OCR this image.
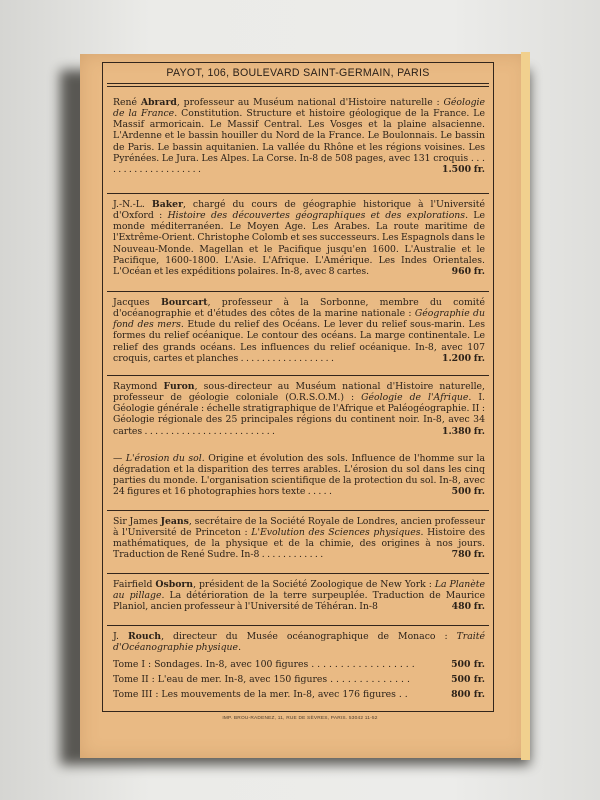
PAYOT, 106, BOULEVARD SAINT-GERMAIN, PARIS
René Abrard, professeur au Muséum national d'Histoire naturelle : Géologie de la France. Constitution. Structure et histoire géologique de la France. Le Massif armoricain. Le Massif Central. Les Vosges et la plaine alsacienne. L'Ardenne et le bassin houiller du Nord de la France. Le Boulonnais. Le bassin de Paris. Le bassin aquitanien. La vallée du Rhône et les régions voisines. Les Pyrénées. Le Jura. Les Alpes. La Corse. In-8 de 508 pages, avec 131 croquis . . . . . . . . . . . . . . . . . . . .	1.500 fr.
J.-N.-L. Baker, chargé du cours de géographie historique à l'Université d'Oxford : Histoire des découvertes géographiques et des explorations. Le monde méditerranéen. Le Moyen Age. Les Arabes. La route maritime de l'Extrême-Orient. Christophe Colomb et ses successeurs. Les Espagnols dans le Nouveau-Monde. Magellan et le Pacifique jusqu'en 1600. L'Australie et le Pacifique, 1600-1800. L'Asie. L'Afrique. L'Amérique. Les Indes Orientales. L'Océan et les expéditions polaires. In-8, avec 8 cartes.	960 fr.
Jacques Bourcart, professeur à la Sorbonne, membre du comité d'océanographie et d'études des côtes de la marine nationale : Géographie du fond des mers. Etude du relief des Océans. Le lever du relief sous-marin. Les formes du relief océanique. Le contour des océans. La marge continentale. Le relief des grands océans. Les influences du relief océanique. In-8, avec 107 croquis, cartes et planches . . . . . . . . . . . . . . . . . .	1.200 fr.
Raymond Furon, sous-directeur au Muséum national d'Histoire naturelle, professeur de géologie coloniale (O.R.S.O.M.) : Géologie de l'Afrique. I. Géologie générale : échelle stratigraphique de l'Afrique et Paléogéographie. II : Géologie régionale des 25 principales régions du continent noir. In-8, avec 34 cartes . . . . . . . . . . . . . . . . . . . . . . . . .	1.380 fr.
— L'érosion du sol. Origine et évolution des sols. Influence de l'homme sur la dégradation et la disparition des terres arables. L'érosion du sol dans les cinq parties du monde. L'organisation scientifique de la protection du sol. In-8, avec 24 figures et 16 photographies hors texte . . . . .	500 fr.
Sir James Jeans, secrétaire de la Société Royale de Londres, ancien professeur à l'Université de Princeton : L'Evolution des Sciences physiques. Histoire des mathématiques, de la physique et de la chimie, des origines à nos jours. Traduction de René Sudre. In-8 . . . . . . . . . . . .	780 fr.
Fairfield Osborn, président de la Société Zoologique de New York : La Planète au pillage. La détérioration de la terre surpeuplée. Traduction de Maurice Planiol, ancien professeur à l'Université de Téhéran. In-8	480 fr.
J. Rouch, directeur du Musée océanographique de Monaco : Traité d'Océanographie physique.
Tome I : Sondages. In-8, avec 100 figures . . . . . . . . . . . . . . . . . .	500 fr.
Tome II : L'eau de mer. In-8, avec 150 figures . . . . . . . . . . . . . .	500 fr.
Tome III : Les mouvements de la mer. In-8, avec 176 figures . .	800 fr.
IMP. BROU-RADENEZ, 11, RUE DE SÈVRES, PARIS. 53042 11-52
